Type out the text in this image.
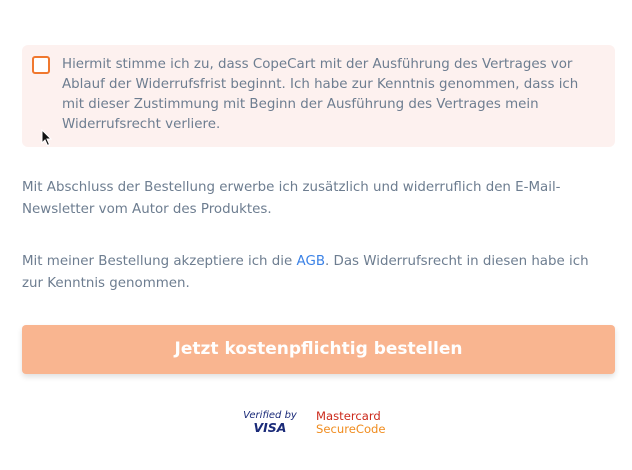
Hiermit stimme ich zu, dass CopeCart mit der Ausführung des Vertrages vor Ablauf der Widerrufsfrist beginnt. Ich habe zur Kenntnis genommen, dass ich mit dieser Zustimmung mit Beginn der Ausführung des Vertrages mein Widerrufsrecht verliere.
Mit Abschluss der Bestellung erwerbe ich zusätzlich und widerruflich den E-Mail-Newsletter vom Autor des Produktes.
Mit meiner Bestellung akzeptiere ich die AGB. Das Widerrufsrecht in diesen habe ich zur Kenntnis genommen.
Jetzt kostenpflichtig bestellen
Verified by
VISA
Mastercard
SecureCode
